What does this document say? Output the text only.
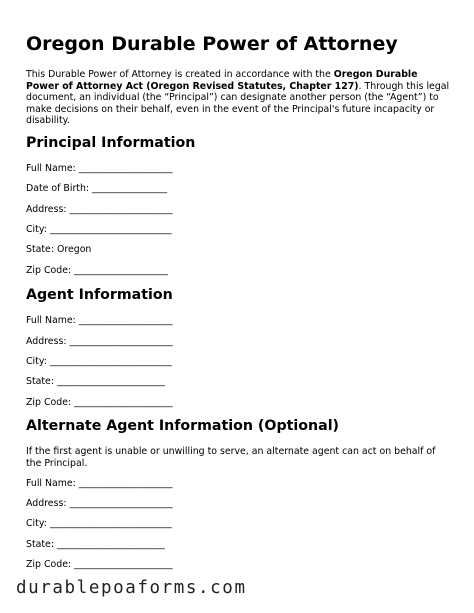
Oregon Durable Power of Attorney

This Durable Power of Attorney is created in accordance with the Oregon Durable Power of Attorney Act (Oregon Revised Statutes, Chapter 127). Through this legal document, an individual (the “Principal”) can designate another person (the “Agent”) to make decisions on their behalf, even in the event of the Principal's future incapacity or disability.

Principal Information
Full Name: ____________________
Date of Birth: ________________
Address: ______________________
City: __________________________
State: Oregon
Zip Code: ____________________
Agent Information
Full Name: ____________________
Address: ______________________
City: __________________________
State: _______________________
Zip Code: _____________________
Alternate Agent Information (Optional)

If the first agent is unable or unwilling to serve, an alternate agent can act on behalf of the Principal.

Full Name: ____________________
Address: ______________________
City: __________________________
State: _______________________
Zip Code: _____________________
durablepoaforms.com
